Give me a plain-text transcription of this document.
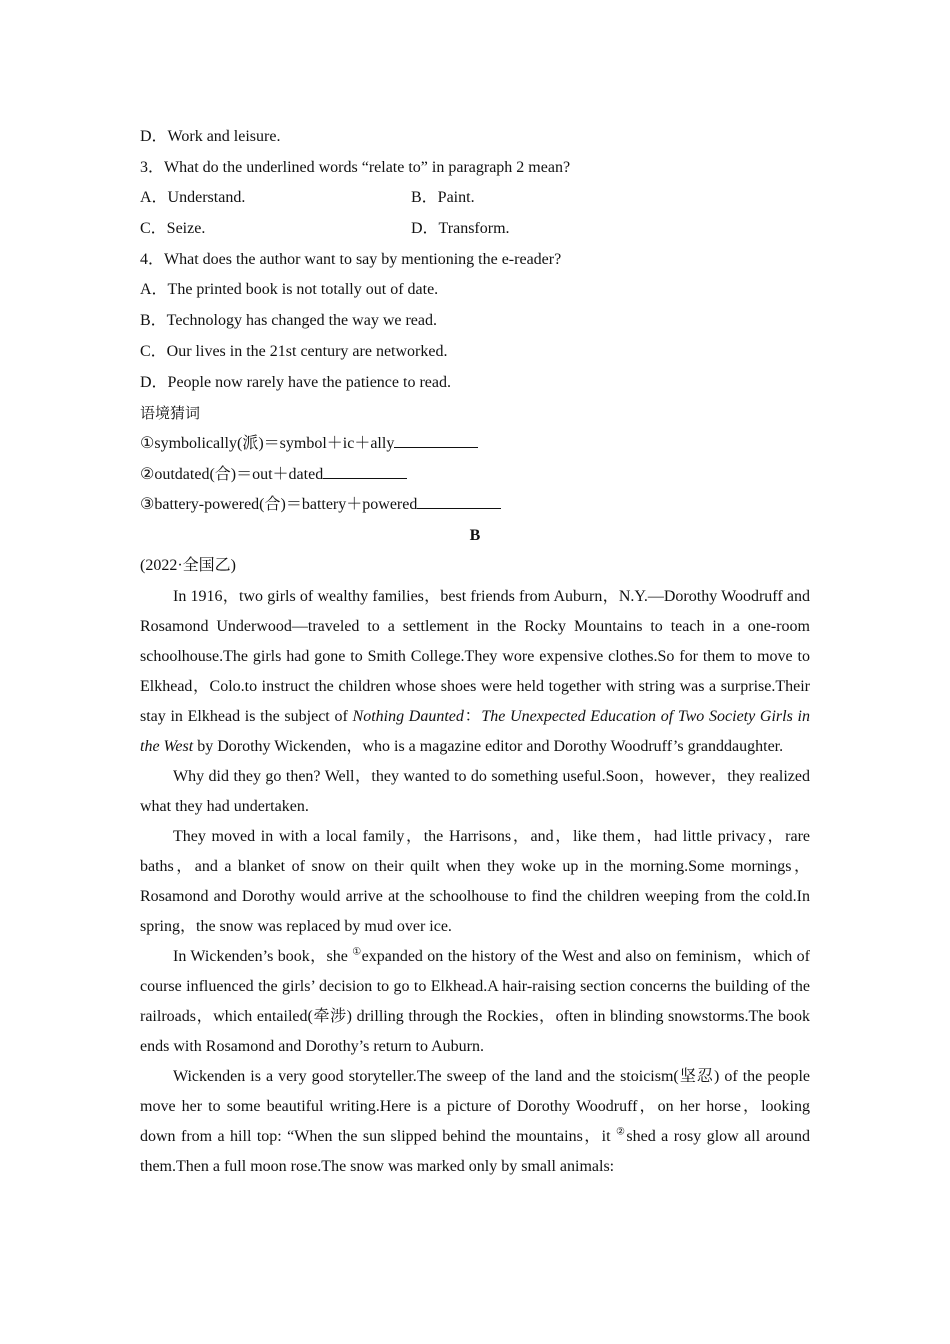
D．Work and leisure.
3．What do the underlined words “relate to” in paragraph 2 mean?
A．Understand.	B．Paint.
C．Seize.	D．Transform.
4．What does the author want to say by mentioning the e-reader?
A．The printed book is not totally out of date.
B．Technology has changed the way we read.
C．Our lives in the 21st century are networked.
D．People now rarely have the patience to read.
语境猜词
①symbolically(派)＝symbol＋ic＋ally
②outdated(合)＝out＋dated
③battery-powered(合)＝battery＋powered
B
(2022·全国乙)

In 1916，two girls of wealthy families，best friends from Auburn，N.Y.—Dorothy Woodruff and Rosamond Underwood—traveled to a settlement in the Rocky Mountains to teach in a one-room schoolhouse.The girls had gone to Smith College.They wore expensive clothes.So for them to move to Elkhead，Colo.to instruct the children whose shoes were held together with string was a surprise.Their stay in Elkhead is the subject of Nothing Daunted：The Unexpected Education of Two Society Girls in the West by Dorothy Wickenden，who is a magazine editor and Dorothy Woodruff’s granddaughter.

Why did they go then? Well，they wanted to do something useful.Soon，however，they realized what they had undertaken.

They moved in with a local family，the Harrisons，and，like them，had little privacy，rare baths，and a blanket of snow on their quilt when they woke up in the morning.Some mornings，Rosamond and Dorothy would arrive at the schoolhouse to find the children weeping from the cold.In spring，the snow was replaced by mud over ice.

In Wickenden’s book，she ①expanded on the history of the West and also on feminism，which of course influenced the girls’ decision to go to Elkhead.A hair-raising section concerns the building of the railroads，which entailed(牵涉) drilling through the Rockies，often in blinding snowstorms.The book ends with Rosamond and Dorothy’s return to Auburn.

Wickenden is a very good storyteller.The sweep of the land and the stoicism(坚忍) of the people move her to some beautiful writing.Here is a picture of Dorothy Woodruff，on her horse，looking down from a hill top: “When the sun slipped behind the mountains，it ②shed a rosy glow all around them.Then a full moon rose.The snow was marked only by small animals:
